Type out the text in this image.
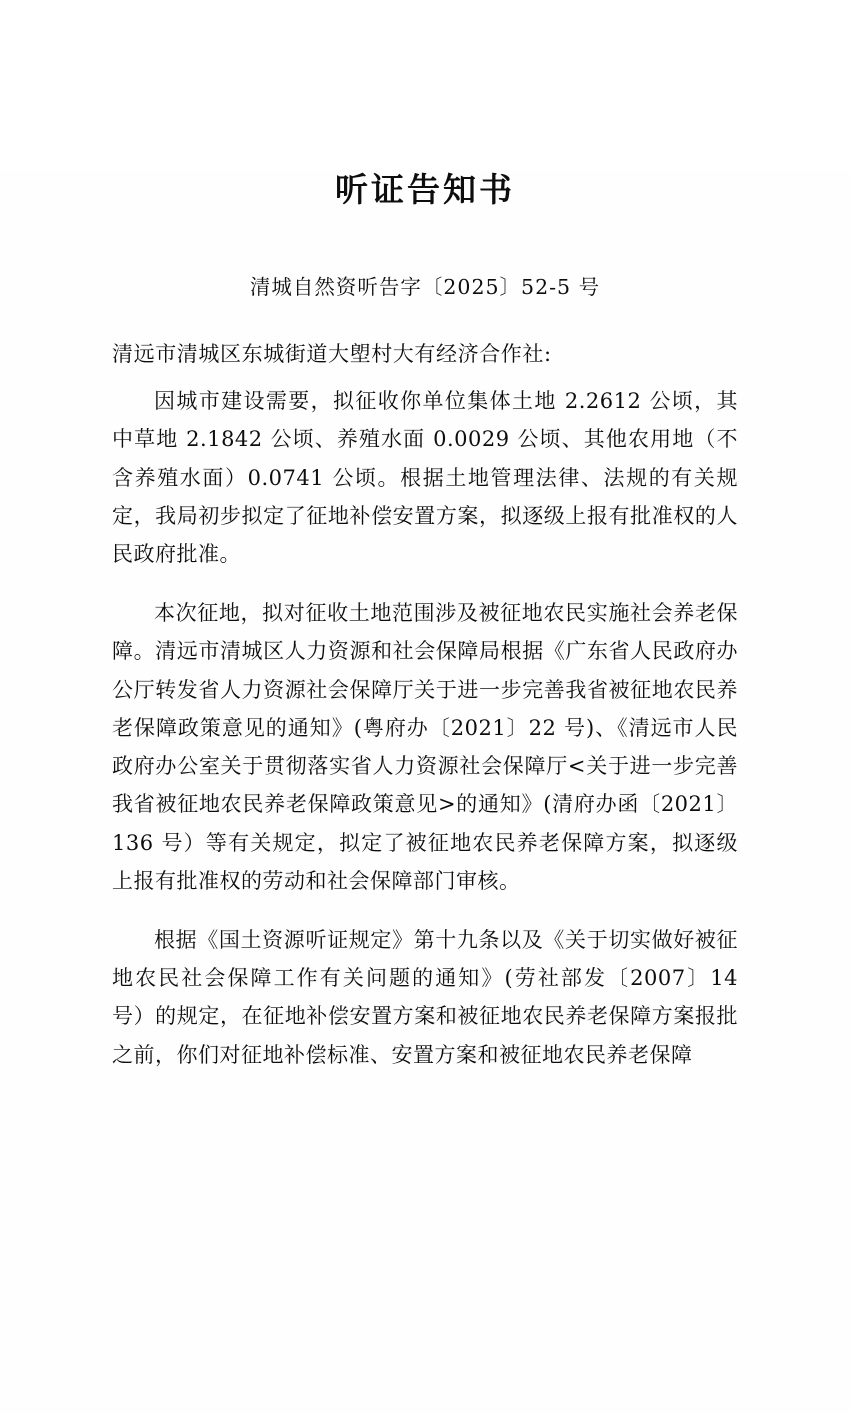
听证告知书
清城自然资听告字〔2025〕52-5 号
清远市清城区东城街道大塱村大有经济合作社:

因城市建设需要，拟征收你单位集体土地 2.2612 公顷，其中草地 2.1842 公顷、养殖水面 0.0029 公顷、其他农用地（不含养殖水面）0.0741 公顷。根据土地管理法律、法规的有关规定，我局初步拟定了征地补偿安置方案，拟逐级上报有批准权的人民政府批准。

本次征地，拟对征收土地范围涉及被征地农民实施社会养老保障。清远市清城区人力资源和社会保障局根据《广东省人民政府办公厅转发省人力资源社会保障厅关于进一步完善我省被征地农民养老保障政策意见的通知》(粤府办〔2021〕22 号)、《清远市人民政府办公室关于贯彻落实省人力资源社会保障厅<关于进一步完善我省被征地农民养老保障政策意见>的通知》(清府办函〔2021〕136 号）等有关规定，拟定了被征地农民养老保障方案，拟逐级上报有批准权的劳动和社会保障部门审核。

根据《国土资源听证规定》第十九条以及《关于切实做好被征地农民社会保障工作有关问题的通知》(劳社部发〔2007〕14 号）的规定，在征地补偿安置方案和被征地农民养老保障方案报批之前，你们对征地补偿标准、安置方案和被征地农民养老保障
